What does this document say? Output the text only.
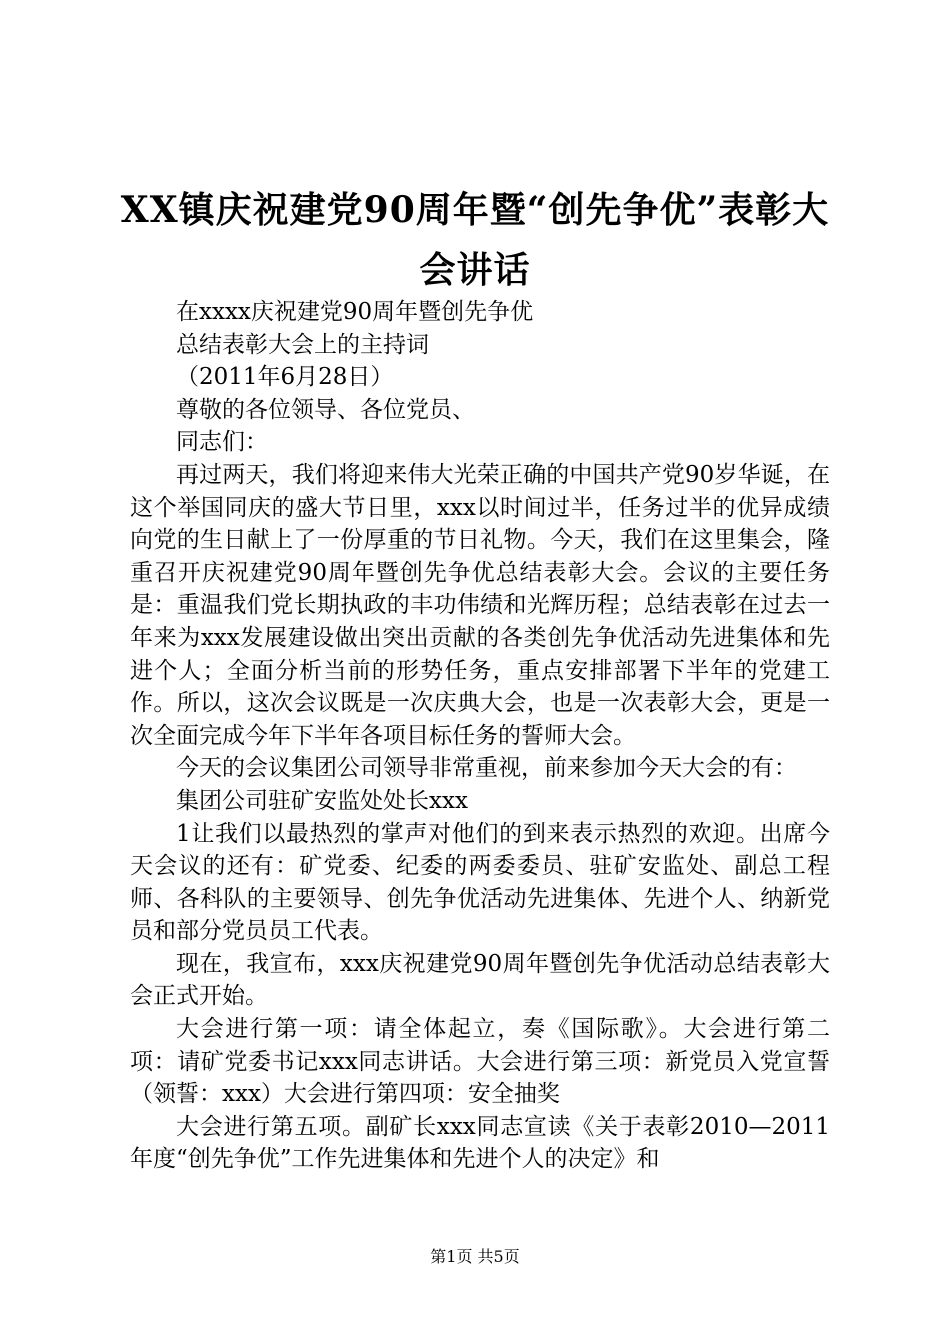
XX镇庆祝建党90周年暨“创先争优”表彰大
会讲话

在xxxx庆祝建党90周年暨创先争优

总结表彰大会上的主持词

（2011年6月28日）

尊敬的各位领导、各位党员、

同志们：

再过两天，我们将迎来伟大光荣正确的中国共产党90岁华诞，在这个举国同庆的盛大节日里，xxx以时间过半，任务过半的优异成绩向党的生日献上了一份厚重的节日礼物。今天，我们在这里集会，隆重召开庆祝建党90周年暨创先争优总结表彰大会。会议的主要任务是：重温我们党长期执政的丰功伟绩和光辉历程；总结表彰在过去一年来为xxx发展建设做出突出贡献的各类创先争优活动先进集体和先进个人；全面分析当前的形势任务，重点安排部署下半年的党建工作。所以，这次会议既是一次庆典大会，也是一次表彰大会，更是一次全面完成今年下半年各项目标任务的誓师大会。

今天的会议集团公司领导非常重视，前来参加今天大会的有：

集团公司驻矿安监处处长xxx

1让我们以最热烈的掌声对他们的到来表示热烈的欢迎。出席今天会议的还有：矿党委、纪委的两委委员、驻矿安监处、副总工程师、各科队的主要领导、创先争优活动先进集体、先进个人、纳新党员和部分党员员工代表。

现在，我宣布，xxx庆祝建党90周年暨创先争优活动总结表彰大会正式开始。

大会进行第一项：请全体起立，奏《国际歌》。大会进行第二项：请矿党委书记xxx同志讲话。大会进行第三项：新党员入党宣誓（领誓：xxx）大会进行第四项：安全抽奖

大会进行第五项。副矿长xxx同志宣读《关于表彰2010—2011年度“创先争优”工作先进集体和先进个人的决定》和

第1页 共5页
